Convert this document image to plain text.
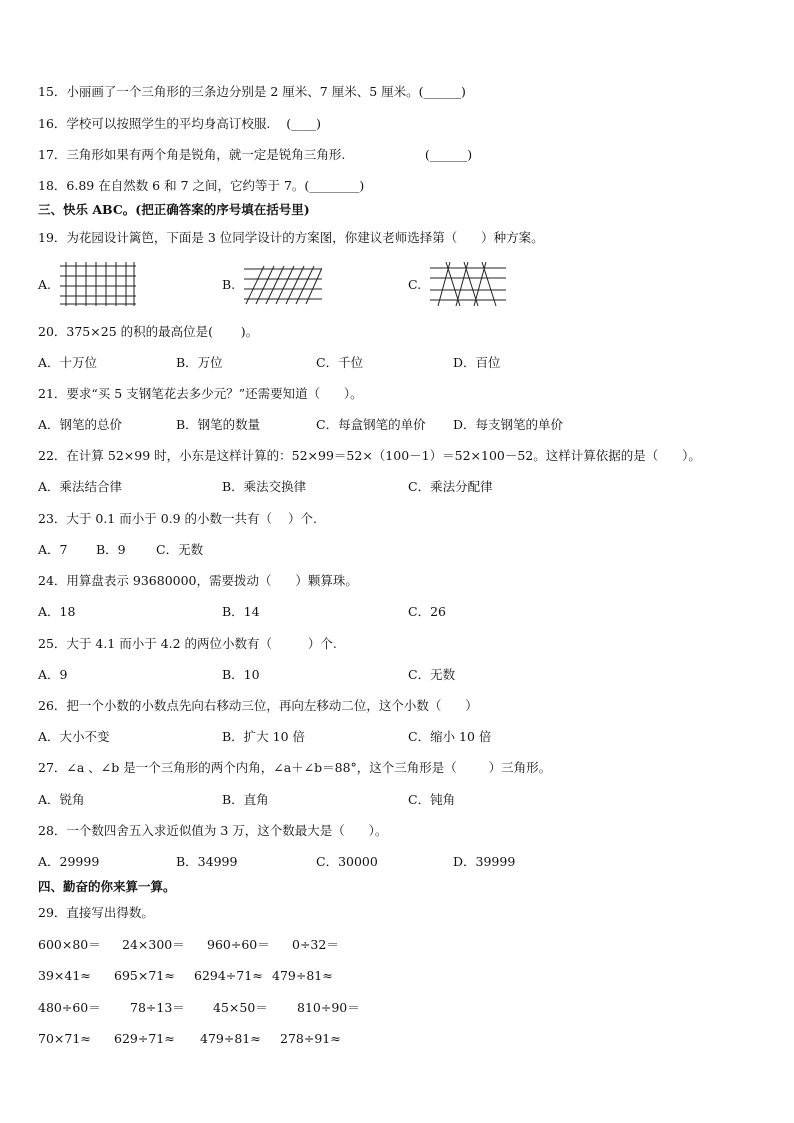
15．小丽画了一个三角形的三条边分别是 2 厘米、7 厘米、5 厘米。(______)
16．学校可以按照学生的平均身高订校服.    (____)
17．三角形如果有两个角是锐角，就一定是锐角三角形.                    (______)
18．6.89 在自然数 6 和 7 之间，它约等于 7。(________)
三、快乐 ABC。(把正确答案的序号填在括号里)
19．为花园设计篱笆，下面是 3 位同学设计的方案图，你建议老师选择第（      ）种方案。
A.	B.	C.
20．375×25 的积的最高位是(       )。
A．十万位	B．万位	C．千位	D．百位
21．要求“买 5 支钢笔花去多少元？”还需要知道（      ）。
A．钢笔的总价	B．钢笔的数量	C．每盒钢笔的单价 D．每支钢笔的单价
22．在计算 52×99 时，小东是这样计算的：52×99＝52×（100－1）＝52×100－52。这样计算依据的是（      ）。
A．乘法结合律	B．乘法交换律	C．乘法分配律
23．大于 0.1 而小于 0.9 的小数一共有（    ）个.
A．7 B．9 C．无数
24．用算盘表示 93680000，需要拨动（      ）颗算珠。
A．18	B．14	C．26
25．大于 4.1 而小于 4.2 的两位小数有（         ）个.
A．9	B．10	C．无数
26．把一个小数的小数点先向右移动三位，再向左移动二位，这个小数（      ）
A．大小不变	B．扩大 10 倍	C．缩小 10 倍
27．∠a 、∠b 是一个三角形的两个内角，∠a＋∠b＝88°，这个三角形是（        ）三角形。
A．锐角	B．直角	C．钝角
28．一个数四舍五入求近似值为 3 万，这个数最大是（      ）。
A．29999	B．34999	C．30000	D．39999
四、勤奋的你来算一算。
29．直接写出得数。
600×80＝ 24×300＝ 960÷60＝ 0÷32＝
39×41≈ 695×71≈ 6294÷71≈ 479÷81≈
480÷60＝ 78÷13＝ 45×50＝ 810÷90＝
70×71≈ 629÷71≈ 479÷81≈ 278÷91≈
